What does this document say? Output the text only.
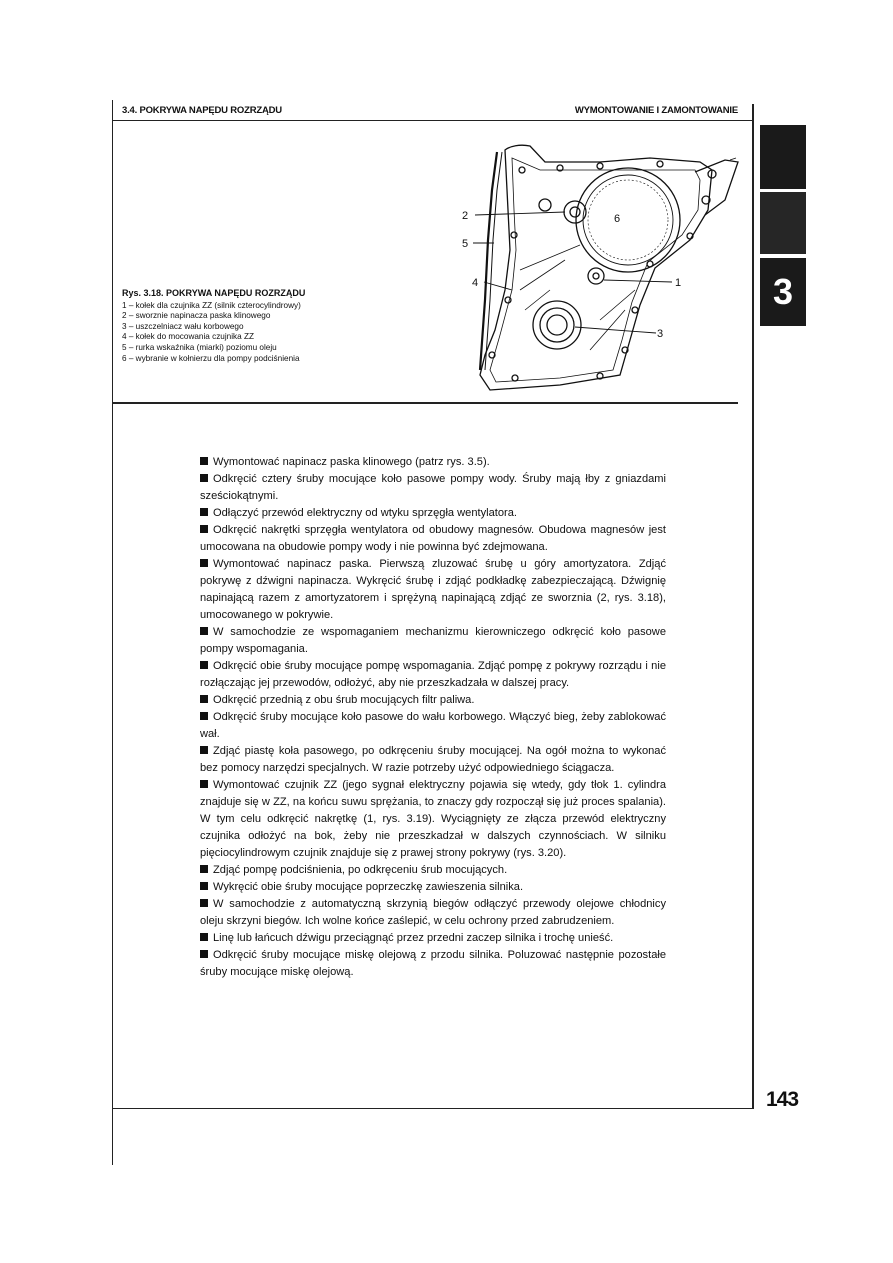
3.4. POKRYWA NAPĘDU ROZRZĄDU	WYMONTOWANIE I ZAMONTOWANIE
3
Rys. 3.18. POKRYWA NAPĘDU ROZRZĄDU
1 – kołek dla czujnika ZZ (silnik czterocylindrowy)
2 – sworznie napinacza paska klinowego
3 – uszczelniacz wału korbowego
4 – kołek do mocowania czujnika ZZ
5 – rurka wskaźnika (miarki) poziomu oleju
6 – wybranie w kołnierzu dla pompy podciśnienia
2
5
4	1
3
6

Wymontować napinacz paska klinowego (patrz rys. 3.5).

Odkręcić cztery śruby mocujące koło pasowe pompy wody. Śruby mają łby z gniazdami sześciokątnymi.

Odłączyć przewód elektryczny od wtyku sprzęgła wentylatora.

Odkręcić nakrętki sprzęgła wentylatora od obudowy magnesów. Obudowa magnesów jest umocowana na obudowie pompy wody i nie powinna być zdejmowana.

Wymontować napinacz paska. Pierwszą zluzować śrubę u góry amortyzatora. Zdjąć pokrywę z dźwigni napinacza. Wykręcić śrubę i zdjąć podkładkę zabezpieczającą. Dźwignię napinającą razem z amortyzatorem i sprężyną napinającą zdjąć ze sworznia (2, rys. 3.18), umocowanego w pokrywie.

W samochodzie ze wspomaganiem mechanizmu kierowniczego odkręcić koło pasowe pompy wspomagania.

Odkręcić obie śruby mocujące pompę wspomagania. Zdjąć pompę z pokrywy rozrządu i nie rozłączając jej przewodów, odłożyć, aby nie przeszkadzała w dalszej pracy.

Odkręcić przednią z obu śrub mocujących filtr paliwa.

Odkręcić śruby mocujące koło pasowe do wału korbowego. Włączyć bieg, żeby zablokować wał.

Zdjąć piastę koła pasowego, po odkręceniu śruby mocującej. Na ogół można to wykonać bez pomocy narzędzi specjalnych. W razie potrzeby użyć odpowiedniego ściągacza.

Wymontować czujnik ZZ (jego sygnał elektryczny pojawia się wtedy, gdy tłok 1. cylindra znajduje się w ZZ, na końcu suwu sprężania, to znaczy gdy rozpoczął się już proces spalania). W tym celu odkręcić nakrętkę (1, rys. 3.19). Wyciągnięty ze złącza przewód elektryczny czujnika odłożyć na bok, żeby nie przeszkadzał w dalszych czynnościach. W silniku pięciocylindrowym czujnik znajduje się z prawej strony pokrywy (rys. 3.20).

Zdjąć pompę podciśnienia, po odkręceniu śrub mocujących.

Wykręcić obie śruby mocujące poprzeczkę zawieszenia silnika.

W samochodzie z automatyczną skrzynią biegów odłączyć przewody olejowe chłodnicy oleju skrzyni biegów. Ich wolne końce zaślepić, w celu ochrony przed zabrudzeniem.

Linę lub łańcuch dźwigu przeciągnąć przez przedni zaczep silnika i trochę unieść.

Odkręcić śruby mocujące miskę olejową z przodu silnika. Poluzować następnie pozostałe śruby mocujące miskę olejową.

143
